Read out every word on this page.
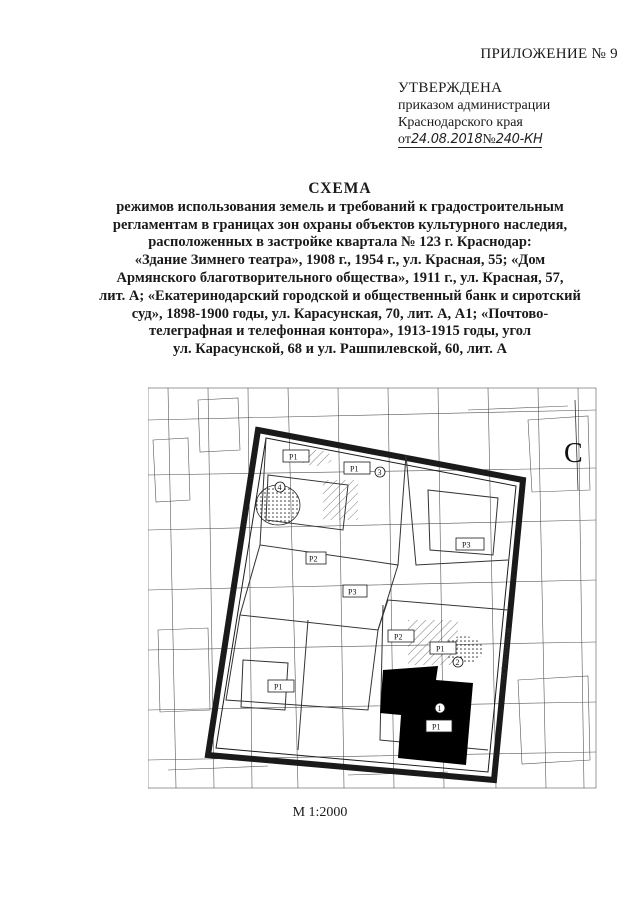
ПРИЛОЖЕНИЕ № 9
УТВЕРЖДЕНА
приказом администрации
Краснодарского края
от24.08.2018№240-КН
СХЕМА
режимов использования земель и требований к градостроительным
регламентам в границах зон охраны объектов культурного наследия,
расположенных в застройке квартала № 123 г. Краснодар:
«Здание Зимнего театра», 1908 г., 1954 г., ул. Красная, 55; «Дом
Армянского благотворительного общества», 1911 г., ул. Красная, 57,
лит. А; «Екатеринодарский городской и общественный банк и сиротский
суд», 1898-1900 годы, ул. Карасунская, 70, лит. А, А1; «Почтово-
телеграфная и телефонная контора», 1913-1915 годы, угол
ул. Карасунской, 68 и ул. Рашпилевской, 60, лит. А
Р1
Р1
Р1
Р1
Р1
Р2
Р2
Р3
Р3
1
2
3
4
ул. Рашпилевская
С
М 1:2000
